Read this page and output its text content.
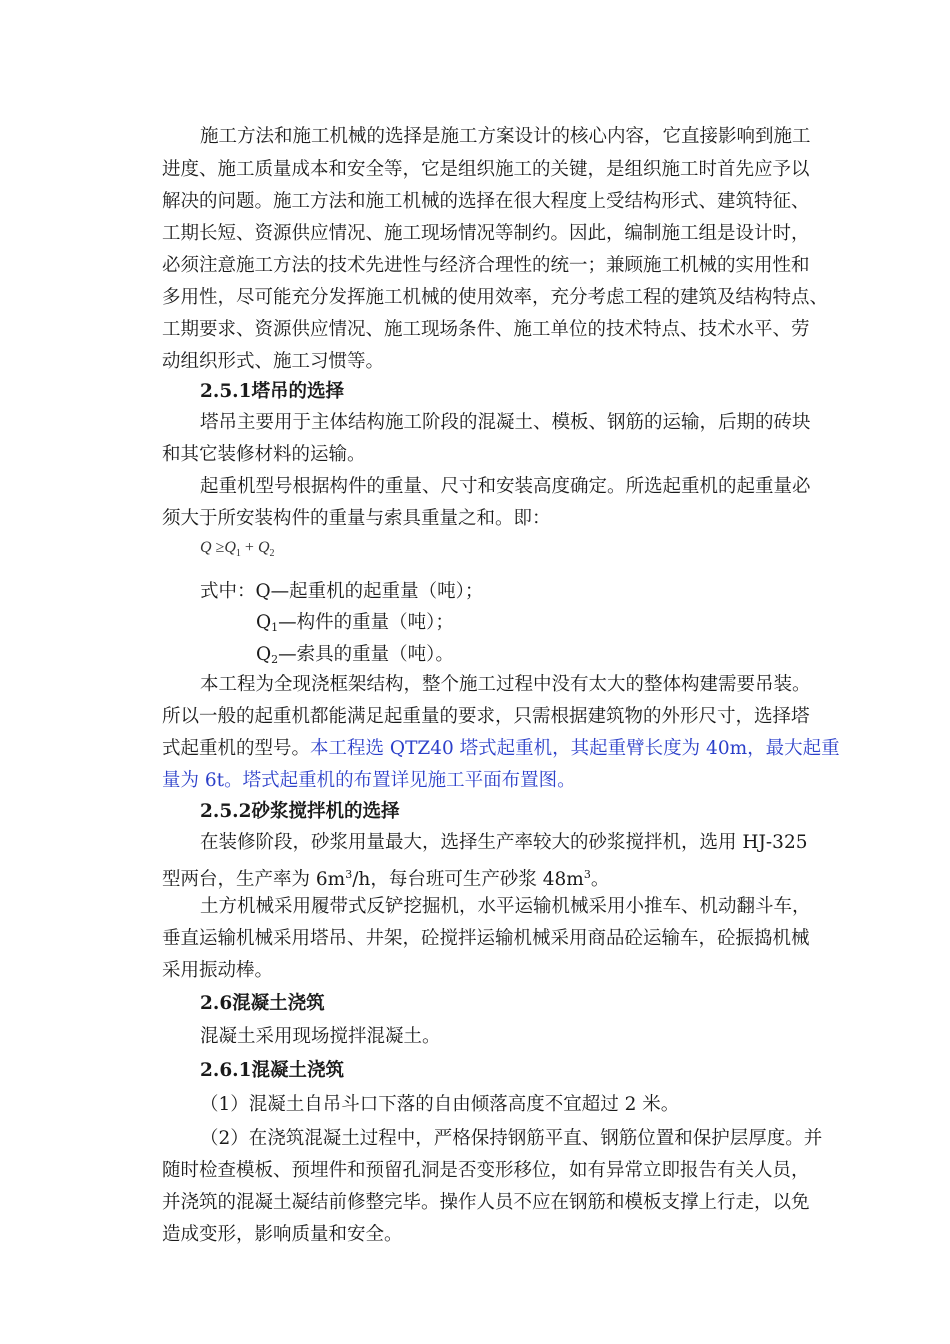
施工方法和施工机械的选择是施工方案设计的核心内容，它直接影响到施工
进度、施工质量成本和安全等，它是组织施工的关键，是组织施工时首先应予以
解决的问题。施工方法和施工机械的选择在很大程度上受结构形式、建筑特征、
工期长短、资源供应情况、施工现场情况等制约。因此，编制施工组是设计时，
必须注意施工方法的技术先进性与经济合理性的统一；兼顾施工机械的实用性和
多用性，尽可能充分发挥施工机械的使用效率，充分考虑工程的建筑及结构特点、
工期要求、资源供应情况、施工现场条件、施工单位的技术特点、技术水平、劳
动组织形式、施工习惯等。
2.5.1塔吊的选择
塔吊主要用于主体结构施工阶段的混凝土、模板、钢筋的运输，后期的砖块
和其它装修材料的运输。
起重机型号根据构件的重量、尺寸和安装高度确定。所选起重机的起重量必
须大于所安装构件的重量与索具重量之和。即：
$Q \ge Q_1 + Q_2$
式中：Q—起重机的起重量（吨）；
$Q_1—$构件的重量（吨）；
$Q_2—$索具的重量（吨）。
本工程为全现浇框架结构，整个施工过程中没有太大的整体构建需要吊装。
所以一般的起重机都能满足起重量的要求，只需根据建筑物的外形尺寸，选择塔
式起重机的型号。本工程选 QTZ40 塔式起重机，其起重臂长度为 40m，最大起重
量为 6t。塔式起重机的布置详见施工平面布置图。
2.5.2砂浆搅拌机的选择
在装修阶段，砂浆用量最大，选择生产率较大的砂浆搅拌机，选用 HJ-325
型两台，生产率为 $6m^3/h$，每台班可生产砂浆 $48m^3$。
土方机械采用履带式反铲挖掘机，水平运输机械采用小推车、机动翻斗车，
垂直运输机械采用塔吊、井架，砼搅拌运输机械采用商品砼运输车，砼振捣机械
采用振动棒。
2.6混凝土浇筑
混凝土采用现场搅拌混凝土。
2.6.1混凝土浇筑
（1）混凝土自吊斗口下落的自由倾落高度不宜超过 2 米。
（2）在浇筑混凝土过程中，严格保持钢筋平直、钢筋位置和保护层厚度。并
随时检查模板、预埋件和预留孔洞是否变形移位，如有异常立即报告有关人员，
并浇筑的混凝土凝结前修整完毕。操作人员不应在钢筋和模板支撑上行走，以免
造成变形，影响质量和安全。
